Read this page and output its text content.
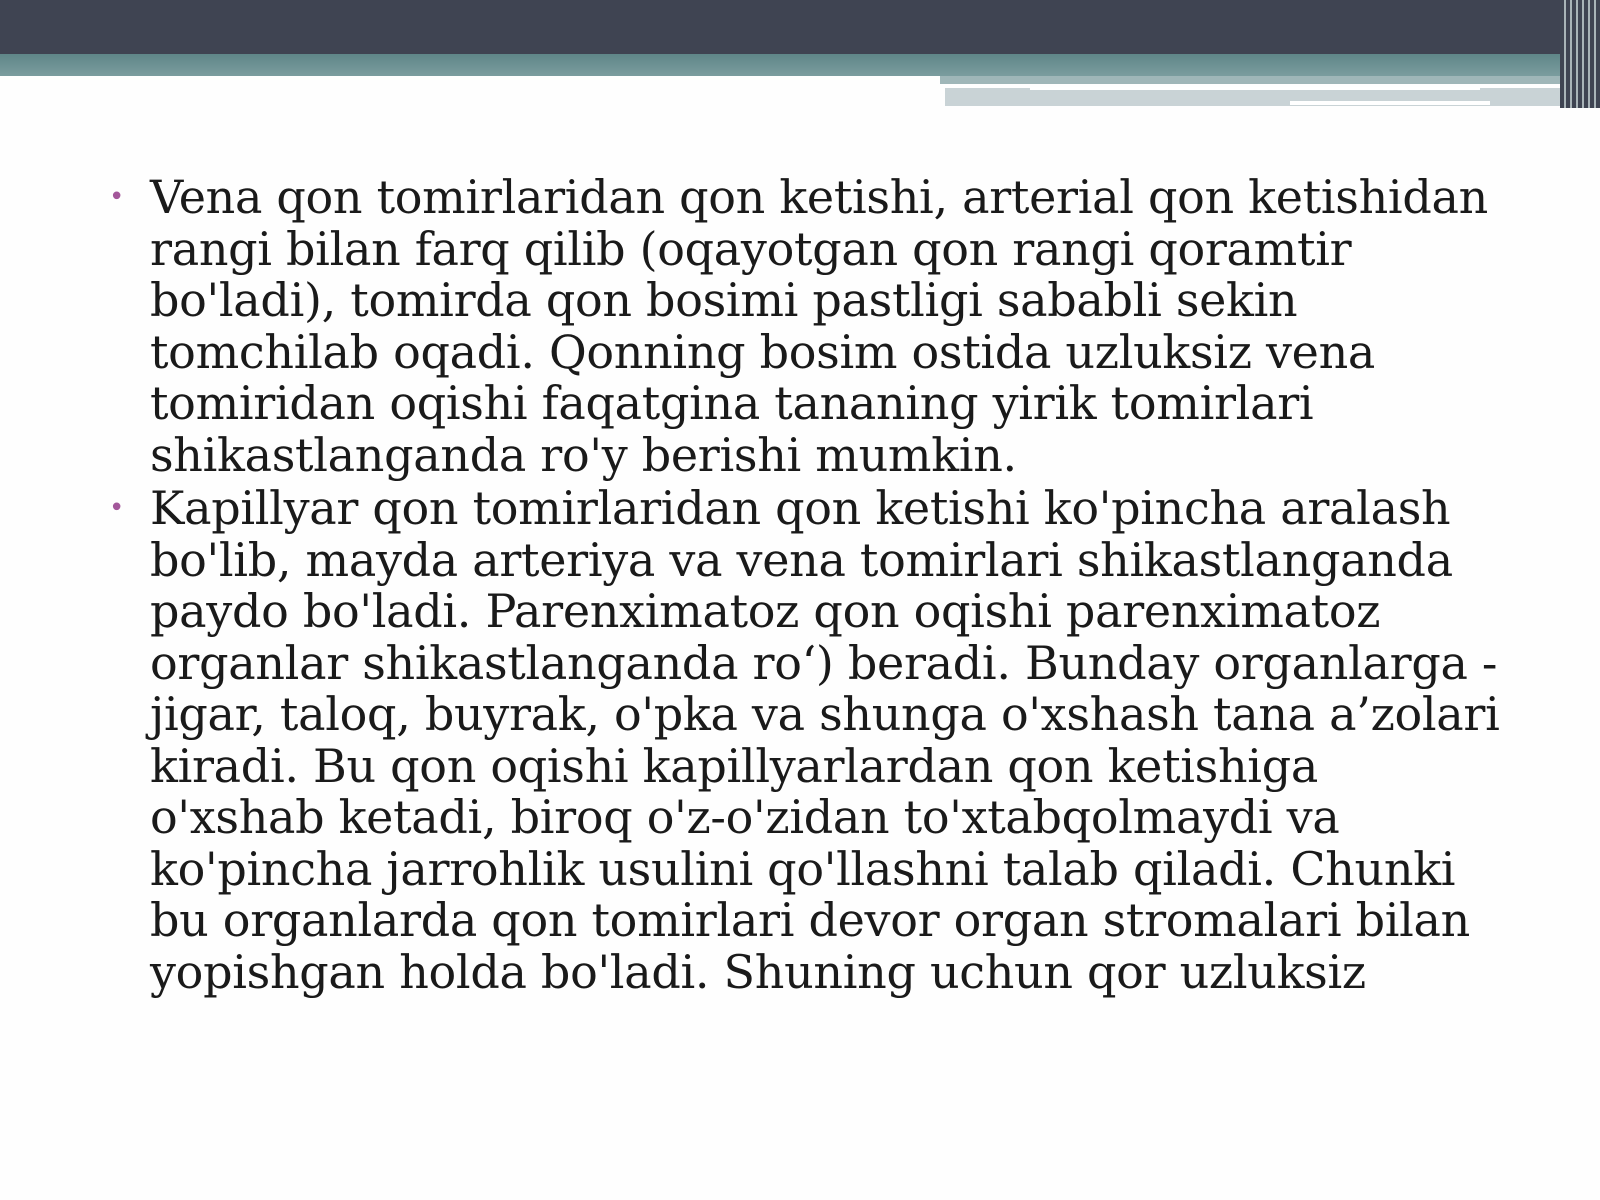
• Vena qon tomirlaridan qon ketishi, arterial qon ketishidan rangi bilan farq qilib (oqayotgan qon rangi qoramtir bo'ladi), tomirda qon bosimi pastligi sababli sekin tomchilab oqadi. Qonning bosim ostida uzluksiz vena tomiridan oqishi faqatgina tananing yirik tomirlari shikastlanganda ro'y berishi mumkin.
• Kapillyar qon tomirlaridan qon ketishi ko'pincha aralash bo'lib, mayda arteriya va vena tomirlari shikastlanganda paydo bo'ladi. Parenximatoz qon oqishi parenximatoz organlar shikastlanganda ro‘) beradi. Bunday organlarga - jigar, taloq, buyrak, o'pka va shunga o'xshash tana a’zolari kiradi. Bu qon oqishi kapillyarlardan qon ketishiga o'xshab ketadi, biroq o'z-o'zidan to'xtabqolmaydi va ko'pincha jarrohlik usulini qo'llashni talab qiladi. Chunki bu organlarda qon tomirlari devor organ stromalari bilan yopishgan holda bo'ladi. Shuning uchun qor uzluksiz
